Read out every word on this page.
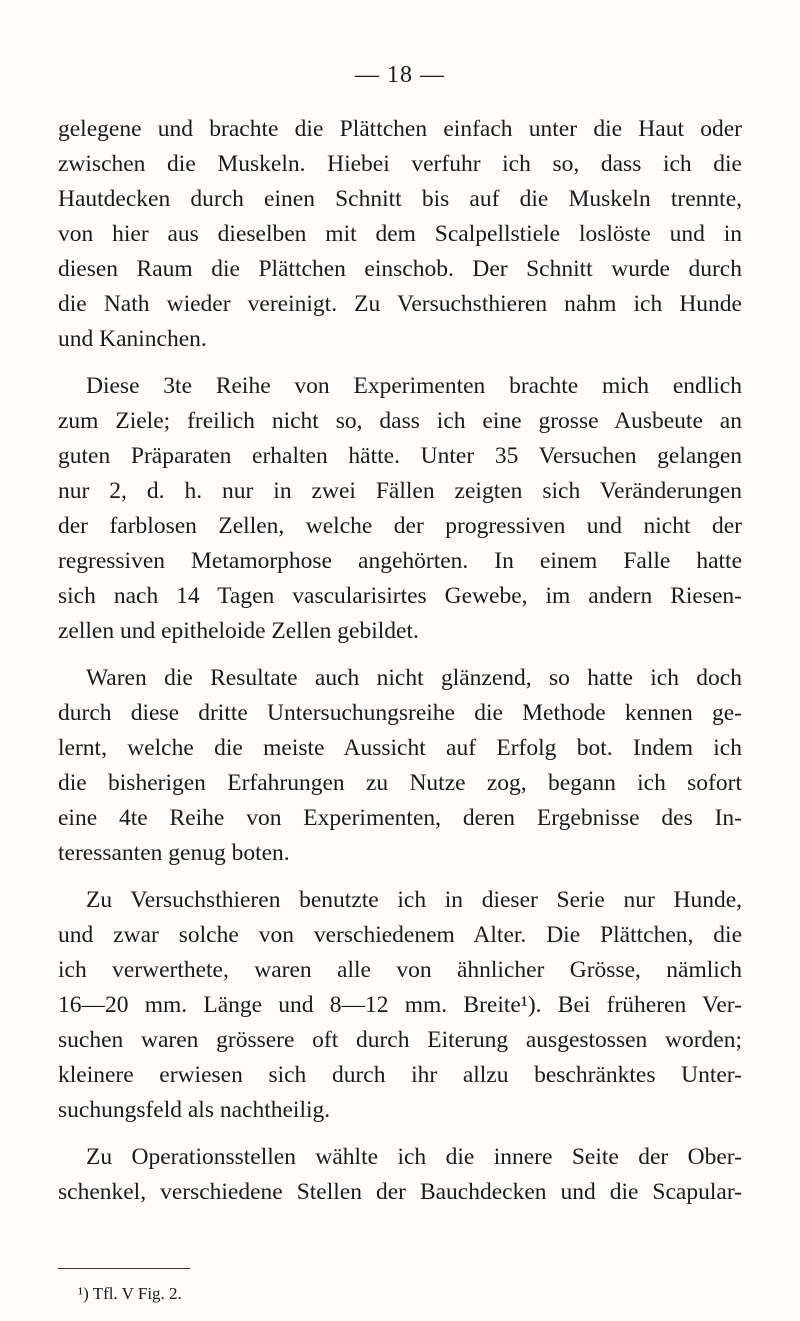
— 18 —
gelegene und brachte die Plättchen einfach unter die Haut oder
zwischen die Muskeln. Hiebei verfuhr ich so, dass ich die
Hautdecken durch einen Schnitt bis auf die Muskeln trennte,
von hier aus dieselben mit dem Scalpellstiele loslöste und in
diesen Raum die Plättchen einschob. Der Schnitt wurde durch
die Nath wieder vereinigt. Zu Versuchsthieren nahm ich Hunde
und Kaninchen.
Diese 3te Reihe von Experimenten brachte mich endlich
zum Ziele; freilich nicht so, dass ich eine grosse Ausbeute an
guten Präparaten erhalten hätte. Unter 35 Versuchen gelangen
nur 2, d. h. nur in zwei Fällen zeigten sich Veränderungen
der farblosen Zellen, welche der progressiven und nicht der
regressiven Metamorphose angehörten. In einem Falle hatte
sich nach 14 Tagen vascularisirtes Gewebe, im andern Riesen-
zellen und epitheloide Zellen gebildet.
Waren die Resultate auch nicht glänzend, so hatte ich doch
durch diese dritte Untersuchungsreihe die Methode kennen ge-
lernt, welche die meiste Aussicht auf Erfolg bot. Indem ich
die bisherigen Erfahrungen zu Nutze zog, begann ich sofort
eine 4te Reihe von Experimenten, deren Ergebnisse des In-
teressanten genug boten.
Zu Versuchsthieren benutzte ich in dieser Serie nur Hunde,
und zwar solche von verschiedenem Alter. Die Plättchen, die
ich verwerthete, waren alle von ähnlicher Grösse, nämlich
16—20 mm. Länge und 8—12 mm. Breite¹). Bei früheren Ver-
suchen waren grössere oft durch Eiterung ausgestossen worden;
kleinere erwiesen sich durch ihr allzu beschränktes Unter-
suchungsfeld als nachtheilig.
Zu Operationsstellen wählte ich die innere Seite der Ober-
schenkel, verschiedene Stellen der Bauchdecken und die Scapular-
¹) Tfl. V Fig. 2.
